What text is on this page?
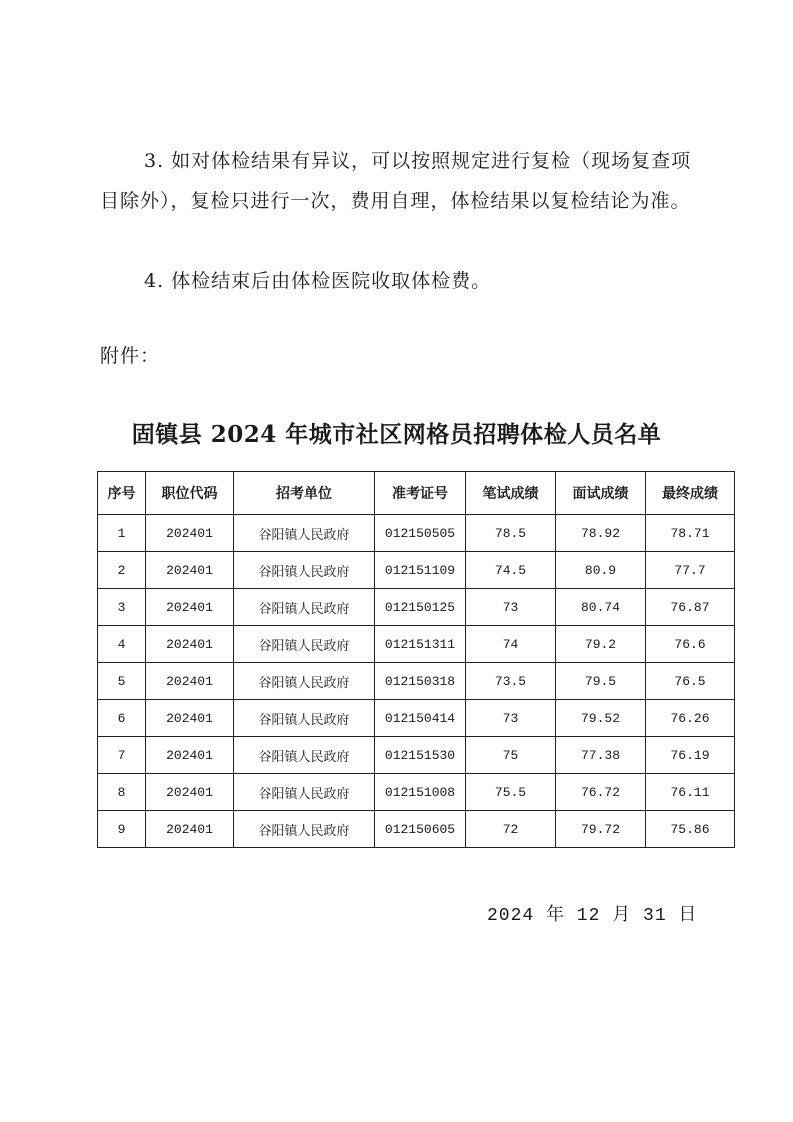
3. 如对体检结果有异议，可以按照规定进行复检（现场复查项目除外），复检只进行一次，费用自理，体检结果以复检结论为准。

4. 体检结束后由体检医院收取体检费。

附件：
固镇县 2024 年城市社区网格员招聘体检人员名单
序号	职位代码	招考单位	准考证号	笔试成绩	面试成绩	最终成绩
1	202401	谷阳镇人民政府	012150505	78.5	78.92	78.71
2	202401	谷阳镇人民政府	012151109	74.5	80.9	77.7
3	202401	谷阳镇人民政府	012150125	73	80.74	76.87
4	202401	谷阳镇人民政府	012151311	74	79.2	76.6
5	202401	谷阳镇人民政府	012150318	73.5	79.5	76.5
6	202401	谷阳镇人民政府	012150414	73	79.52	76.26
7	202401	谷阳镇人民政府	012151530	75	77.38	76.19
8	202401	谷阳镇人民政府	012151008	75.5	76.72	76.11
9	202401	谷阳镇人民政府	012150605	72	79.72	75.86
2024 年 12 月 31 日
